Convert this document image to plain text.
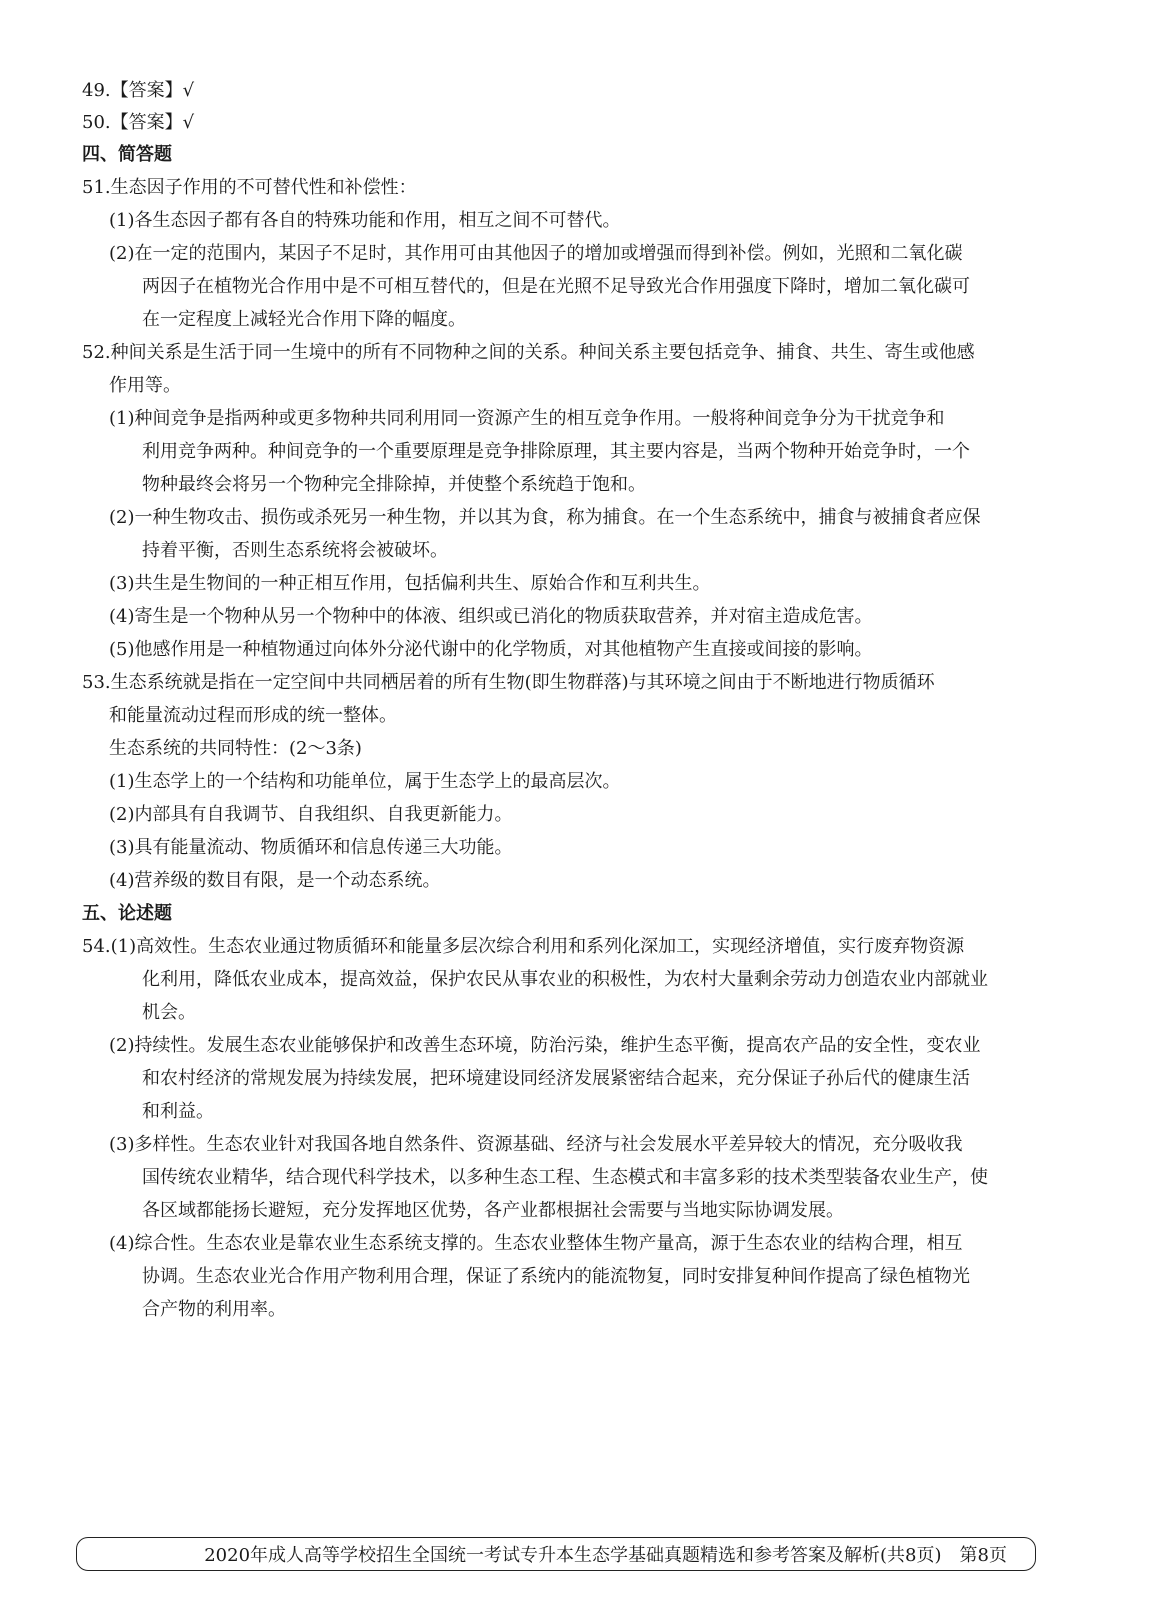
49.【答案】√
50.【答案】√
四、简答题
51.生态因子作用的不可替代性和补偿性：
(1)各生态因子都有各自的特殊功能和作用，相互之间不可替代。
(2)在一定的范围内，某因子不足时，其作用可由其他因子的增加或增强而得到补偿。例如，光照和二氧化碳
两因子在植物光合作用中是不可相互替代的，但是在光照不足导致光合作用强度下降时，增加二氧化碳可
在一定程度上减轻光合作用下降的幅度。
52.种间关系是生活于同一生境中的所有不同物种之间的关系。种间关系主要包括竞争、捕食、共生、寄生或他感
作用等。
(1)种间竞争是指两种或更多物种共同利用同一资源产生的相互竞争作用。一般将种间竞争分为干扰竞争和
利用竞争两种。种间竞争的一个重要原理是竞争排除原理，其主要内容是，当两个物种开始竞争时，一个
物种最终会将另一个物种完全排除掉，并使整个系统趋于饱和。
(2)一种生物攻击、损伤或杀死另一种生物，并以其为食，称为捕食。在一个生态系统中，捕食与被捕食者应保
持着平衡，否则生态系统将会被破坏。
(3)共生是生物间的一种正相互作用，包括偏利共生、原始合作和互利共生。
(4)寄生是一个物种从另一个物种中的体液、组织或已消化的物质获取营养，并对宿主造成危害。
(5)他感作用是一种植物通过向体外分泌代谢中的化学物质，对其他植物产生直接或间接的影响。
53.生态系统就是指在一定空间中共同栖居着的所有生物(即生物群落)与其环境之间由于不断地进行物质循环
和能量流动过程而形成的统一整体。
生态系统的共同特性：(2～3条)
(1)生态学上的一个结构和功能单位，属于生态学上的最高层次。
(2)内部具有自我调节、自我组织、自我更新能力。
(3)具有能量流动、物质循环和信息传递三大功能。
(4)营养级的数目有限，是一个动态系统。
五、论述题
54.(1)高效性。生态农业通过物质循环和能量多层次综合利用和系列化深加工，实现经济增值，实行废弃物资源
化利用，降低农业成本，提高效益，保护农民从事农业的积极性，为农村大量剩余劳动力创造农业内部就业
机会。
(2)持续性。发展生态农业能够保护和改善生态环境，防治污染，维护生态平衡，提高农产品的安全性，变农业
和农村经济的常规发展为持续发展，把环境建设同经济发展紧密结合起来，充分保证子孙后代的健康生活
和利益。
(3)多样性。生态农业针对我国各地自然条件、资源基础、经济与社会发展水平差异较大的情况，充分吸收我
国传统农业精华，结合现代科学技术，以多种生态工程、生态模式和丰富多彩的技术类型装备农业生产，使
各区域都能扬长避短，充分发挥地区优势，各产业都根据社会需要与当地实际协调发展。
(4)综合性。生态农业是靠农业生态系统支撑的。生态农业整体生物产量高，源于生态农业的结构合理，相互
协调。生态农业光合作用产物利用合理，保证了系统内的能流物复，同时安排复种间作提高了绿色植物光
合产物的利用率。
2020年成人高等学校招生全国统一考试专升本生态学基础真题精选和参考答案及解析(共8页)　第8页
